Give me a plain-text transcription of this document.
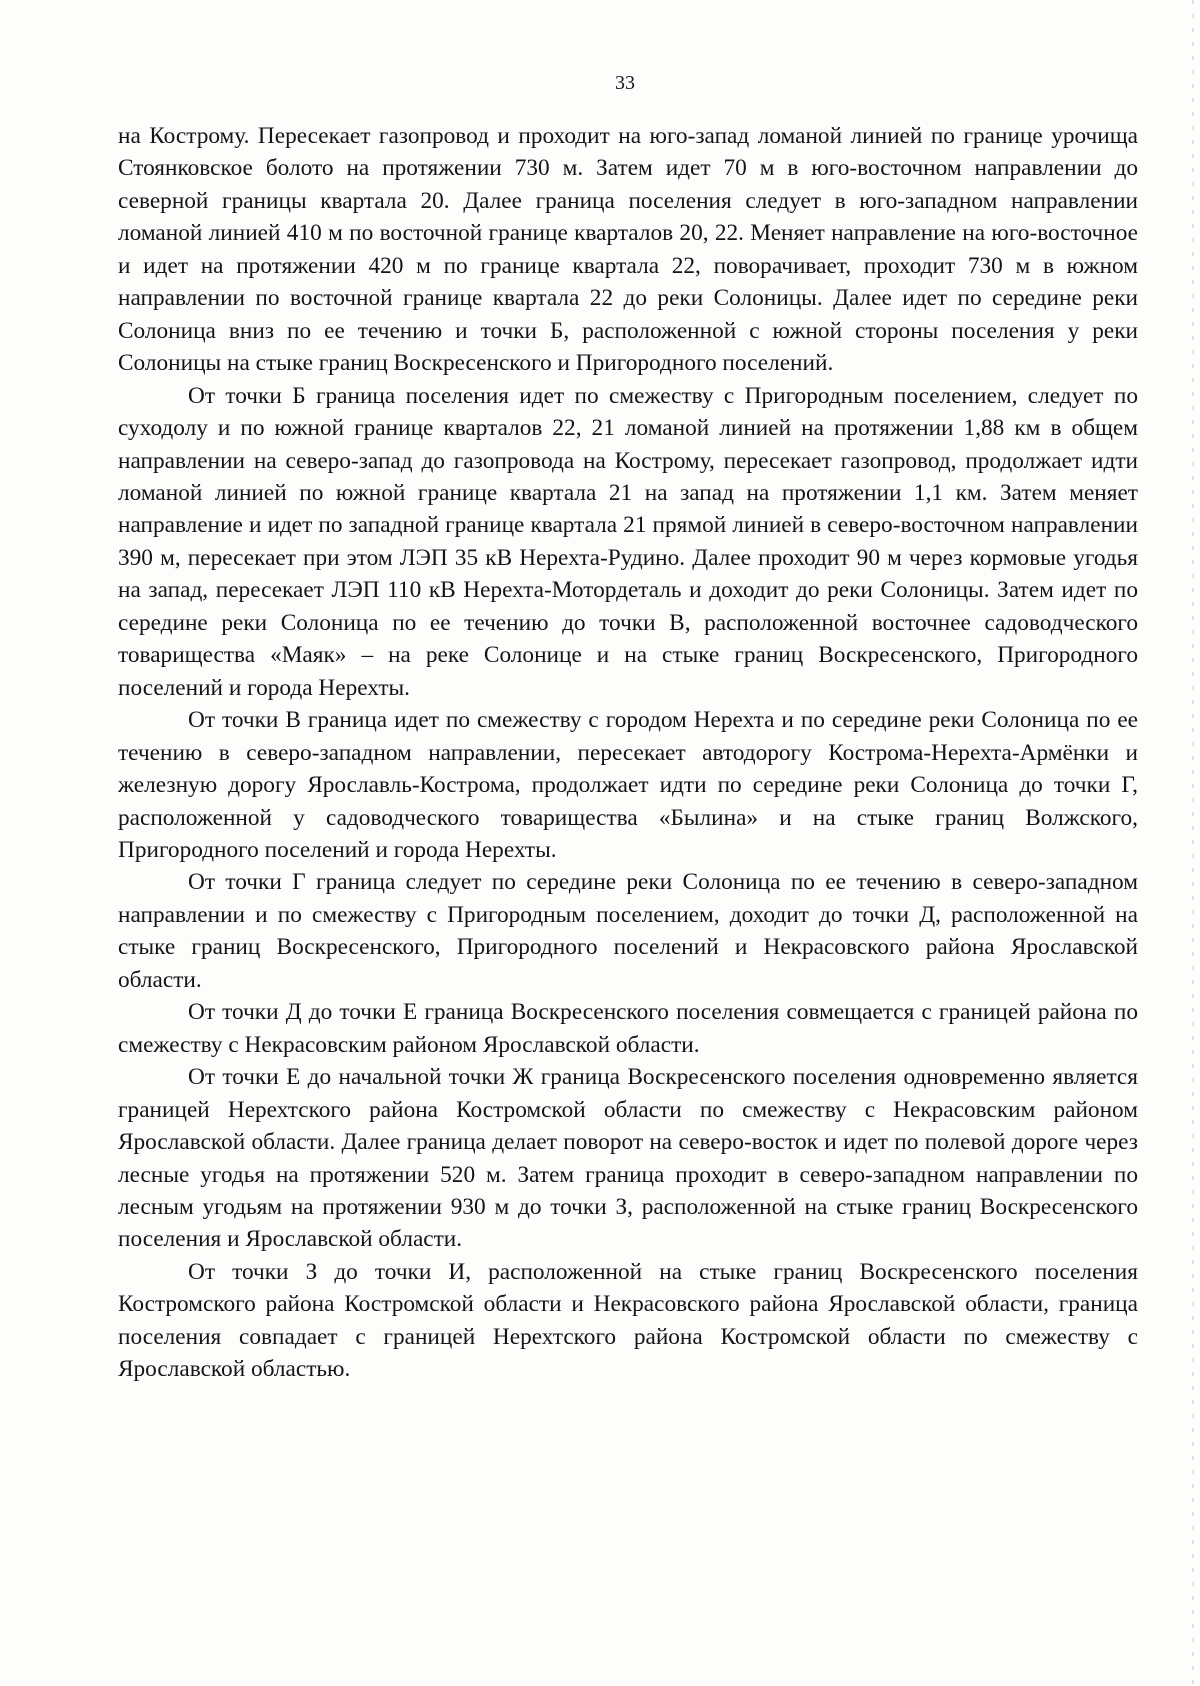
33

на Кострому. Пересекает газопровод и проходит на юго-запад ломаной линией по границе урочища Стоянковское болото на протяжении 730 м. Затем идет 70 м в юго-восточном направлении до северной границы квартала 20. Далее граница поселения следует в юго-западном направлении ломаной линией 410 м по восточной границе кварталов 20, 22. Меняет направление на юго-восточное и идет на протяжении 420 м по границе квартала 22, поворачивает, проходит 730 м в южном направлении по восточной границе квартала 22 до реки Солоницы. Далее идет по середине реки Солоница вниз по ее течению и точки Б, расположенной с южной стороны поселения у реки Солоницы на стыке границ Воскресенского и Пригородного поселений.

От точки Б граница поселения идет по смежеству с Пригородным поселением, следует по суходолу и по южной границе кварталов 22, 21 ломаной линией на протяжении 1,88 км в общем направлении на северо-запад до газопровода на Кострому, пересекает газопровод, продолжает идти ломаной линией по южной границе квартала 21 на запад на протяжении 1,1 км. Затем меняет направление и идет по западной границе квартала 21 прямой линией в северо-восточном направлении 390 м, пересекает при этом ЛЭП 35 кВ Нерехта-Рудино. Далее проходит 90 м через кормовые угодья на запад, пересекает ЛЭП 110 кВ Нерехта-Мотордеталь и доходит до реки Солоницы. Затем идет по середине реки Солоница по ее течению до точки В, расположенной восточнее садоводческого товарищества «Маяк» – на реке Солонице и на стыке границ Воскресенского, Пригородного поселений и города Нерехты.

От точки В граница идет по смежеству с городом Нерехта и по середине реки Солоница по ее течению в северо-западном направлении, пересекает автодорогу Кострома-Нерехта-Армёнки и железную дорогу Ярославль-Кострома, продолжает идти по середине реки Солоница до точки Г, расположенной у садоводческого товарищества «Былина» и на стыке границ Волжского, Пригородного поселений и города Нерехты.

От точки Г граница следует по середине реки Солоница по ее течению в северо-западном направлении и по смежеству с Пригородным поселением, доходит до точки Д, расположенной на стыке границ Воскресенского, Пригородного поселений и Некрасовского района Ярославской области.

От точки Д до точки Е граница Воскресенского поселения совмещается с границей района по смежеству с Некрасовским районом Ярославской области.

От точки Е до начальной точки Ж граница Воскресенского поселения одновременно является границей Нерехтского района Костромской области по смежеству с Некрасовским районом Ярославской области. Далее граница делает поворот на северо-восток и идет по полевой дороге через лесные угодья на протяжении 520 м. Затем граница проходит в северо-западном направлении по лесным угодьям на протяжении 930 м до точки З, расположенной на стыке границ Воскресенского поселения и Ярославской области.

От точки З до точки И, расположенной на стыке границ Воскресенского поселения Костромского района Костромской области и Некрасовского района Ярославской области, граница поселения совпадает с границей Нерехтского района Костромской области по смежеству с Ярославской областью.
